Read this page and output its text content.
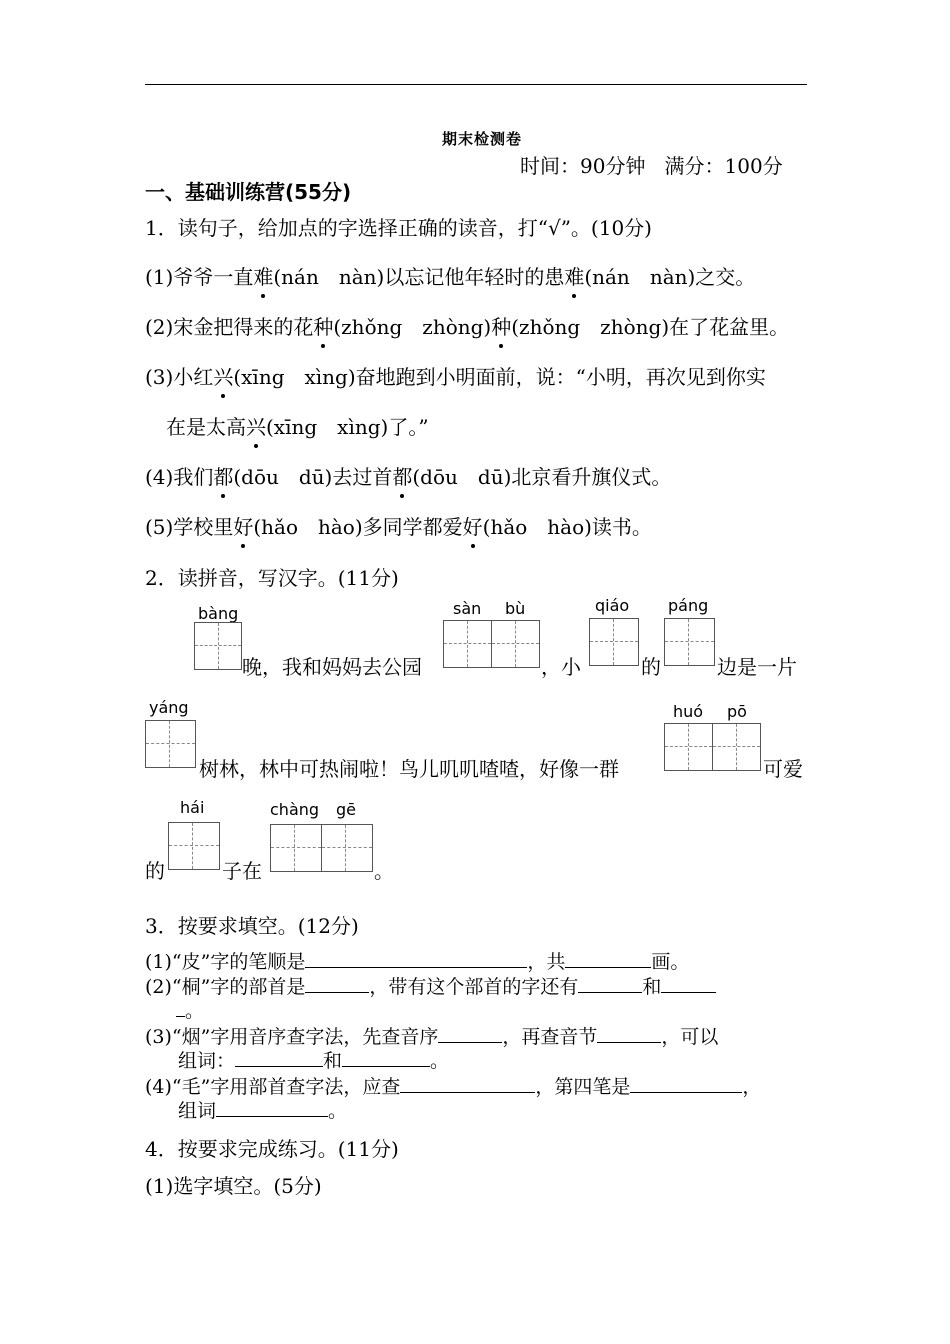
期末检测卷
时间：90分钟 满分：100分
一、基础训练营(55分)
1．读句子，给加点的字选择正确的读音，打“√”。(10分)
(1)爷爷一直难(nán　nàn)以忘记他年轻时的患难(nán　nàn)之交。
(2)宋金把得来的花种(zhǒng　zhòng)种(zhǒng　zhòng)在了花盆里。
(3)小红兴(xīng　xìng)奋地跑到小明面前，说：“小明，再次见到你实
在是太高兴(xīng　xìng)了。”
(4)我们都(dōu　dū)去过首都(dōu　dū)北京看升旗仪式。
(5)学校里好(hǎo　hào)多同学都爱好(hǎo　hào)读书。
2．读拼音，写汉字。(11分)
bàng
晚，我和妈妈去公园
sàn bù
，小
qiáo
的
páng
边是一片
yáng
树林，林中可热闹啦！鸟儿叽叽喳喳，好像一群
huó pō
可爱
hái
的	子在
chàng gē
。
3．按要求填空。(12分)
(1)“皮”字的笔顺是	，共	画。
(2)“桐”字的部首是	，带有这个部首的字还有	和
。
(3)“烟”字用音序查字法，先查音序	，再查音节	，可以
组词：	和	。
(4)“毛”字用部首查字法，应查	，第四笔是	，
组词	。
4．按要求完成练习。(11分)
(1)选字填空。(5分)
